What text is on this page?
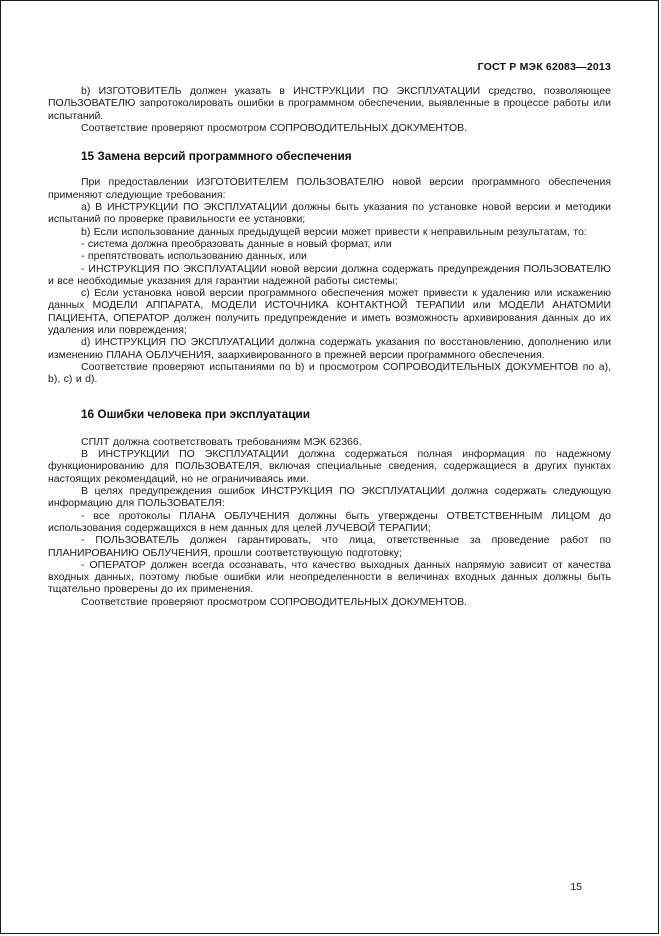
ГОСТ Р МЭК 62083—2013

b) ИЗГОТОВИТЕЛЬ должен указать в ИНСТРУКЦИИ ПО ЭКСПЛУАТАЦИИ средство, позволяющее ПОЛЬЗОВАТЕЛЮ запротоколировать ошибки в программном обеспечении, выявленные в процессе работы или испытаний.

Соответствие проверяют просмотром СОПРОВОДИТЕЛЬНЫХ ДОКУМЕНТОВ.

15 Замена версий программного обеспечения

При предоставлении ИЗГОТОВИТЕЛЕМ ПОЛЬЗОВАТЕЛЮ новой версии программного обеспечения применяют следующие требования:

a) В ИНСТРУКЦИИ ПО ЭКСПЛУАТАЦИИ должны быть указания по установке новой версии и методики испытаний по проверке правильности ее установки;

b) Если использование данных предыдущей версии может привести к неправильным результатам, то:

- система должна преобразовать данные в новый формат, или

- препятствовать использованию данных, или

- ИНСТРУКЦИЯ ПО ЭКСПЛУАТАЦИИ новой версии должна содержать предупреждения ПОЛЬЗОВАТЕЛЮ и все необходимые указания для гарантии надежной работы системы;

c) Если установка новой версии программного обеспечения может привести к удалению или искажению данных МОДЕЛИ АППАРАТА, МОДЕЛИ ИСТОЧНИКА КОНТАКТНОЙ ТЕРАПИИ или МОДЕЛИ АНАТОМИИ ПАЦИЕНТА, ОПЕРАТОР должен получить предупреждение и иметь возможность архивирования данных до их удаления или повреждения;

d) ИНСТРУКЦИЯ ПО ЭКСПЛУАТАЦИИ должна содержать указания по восстановлению, дополнению или изменению ПЛАНА ОБЛУЧЕНИЯ, заархивированного в прежней версии программного обеспечения.

Соответствие проверяют испытаниями по b) и просмотром СОПРОВОДИТЕЛЬНЫХ ДОКУМЕНТОВ по a), b), c) и d).

16 Ошибки человека при эксплуатации

СПЛТ должна соответствовать требованиям МЭК 62366.

В ИНСТРУКЦИИ ПО ЭКСПЛУАТАЦИИ должна содержаться полная информация по надежному функционированию для ПОЛЬЗОВАТЕЛЯ, включая специальные сведения, содержащиеся в других пунктах настоящих рекомендаций, но не ограничиваясь ими.

В целях предупреждения ошибок ИНСТРУКЦИЯ ПО ЭКСПЛУАТАЦИИ должна содержать следующую информацию для ПОЛЬЗОВАТЕЛЯ:

- все протоколы ПЛАНА ОБЛУЧЕНИЯ должны быть утверждены ОТВЕТСТВЕННЫМ ЛИЦОМ до использования содержащихся в нем данных для целей ЛУЧЕВОЙ ТЕРАПИИ;

- ПОЛЬЗОВАТЕЛЬ должен гарантировать, что лица, ответственные за проведение работ по ПЛАНИРОВАНИЮ ОБЛУЧЕНИЯ, прошли соответствующую подготовку;

- ОПЕРАТОР должен всегда осознавать, что качество выходных данных напрямую зависит от качества входных данных, поэтому любые ошибки или неопределенности в величинах входных данных должны быть тщательно проверены до их применения.

Соответствие проверяют просмотром СОПРОВОДИТЕЛЬНЫХ ДОКУМЕНТОВ.

15
